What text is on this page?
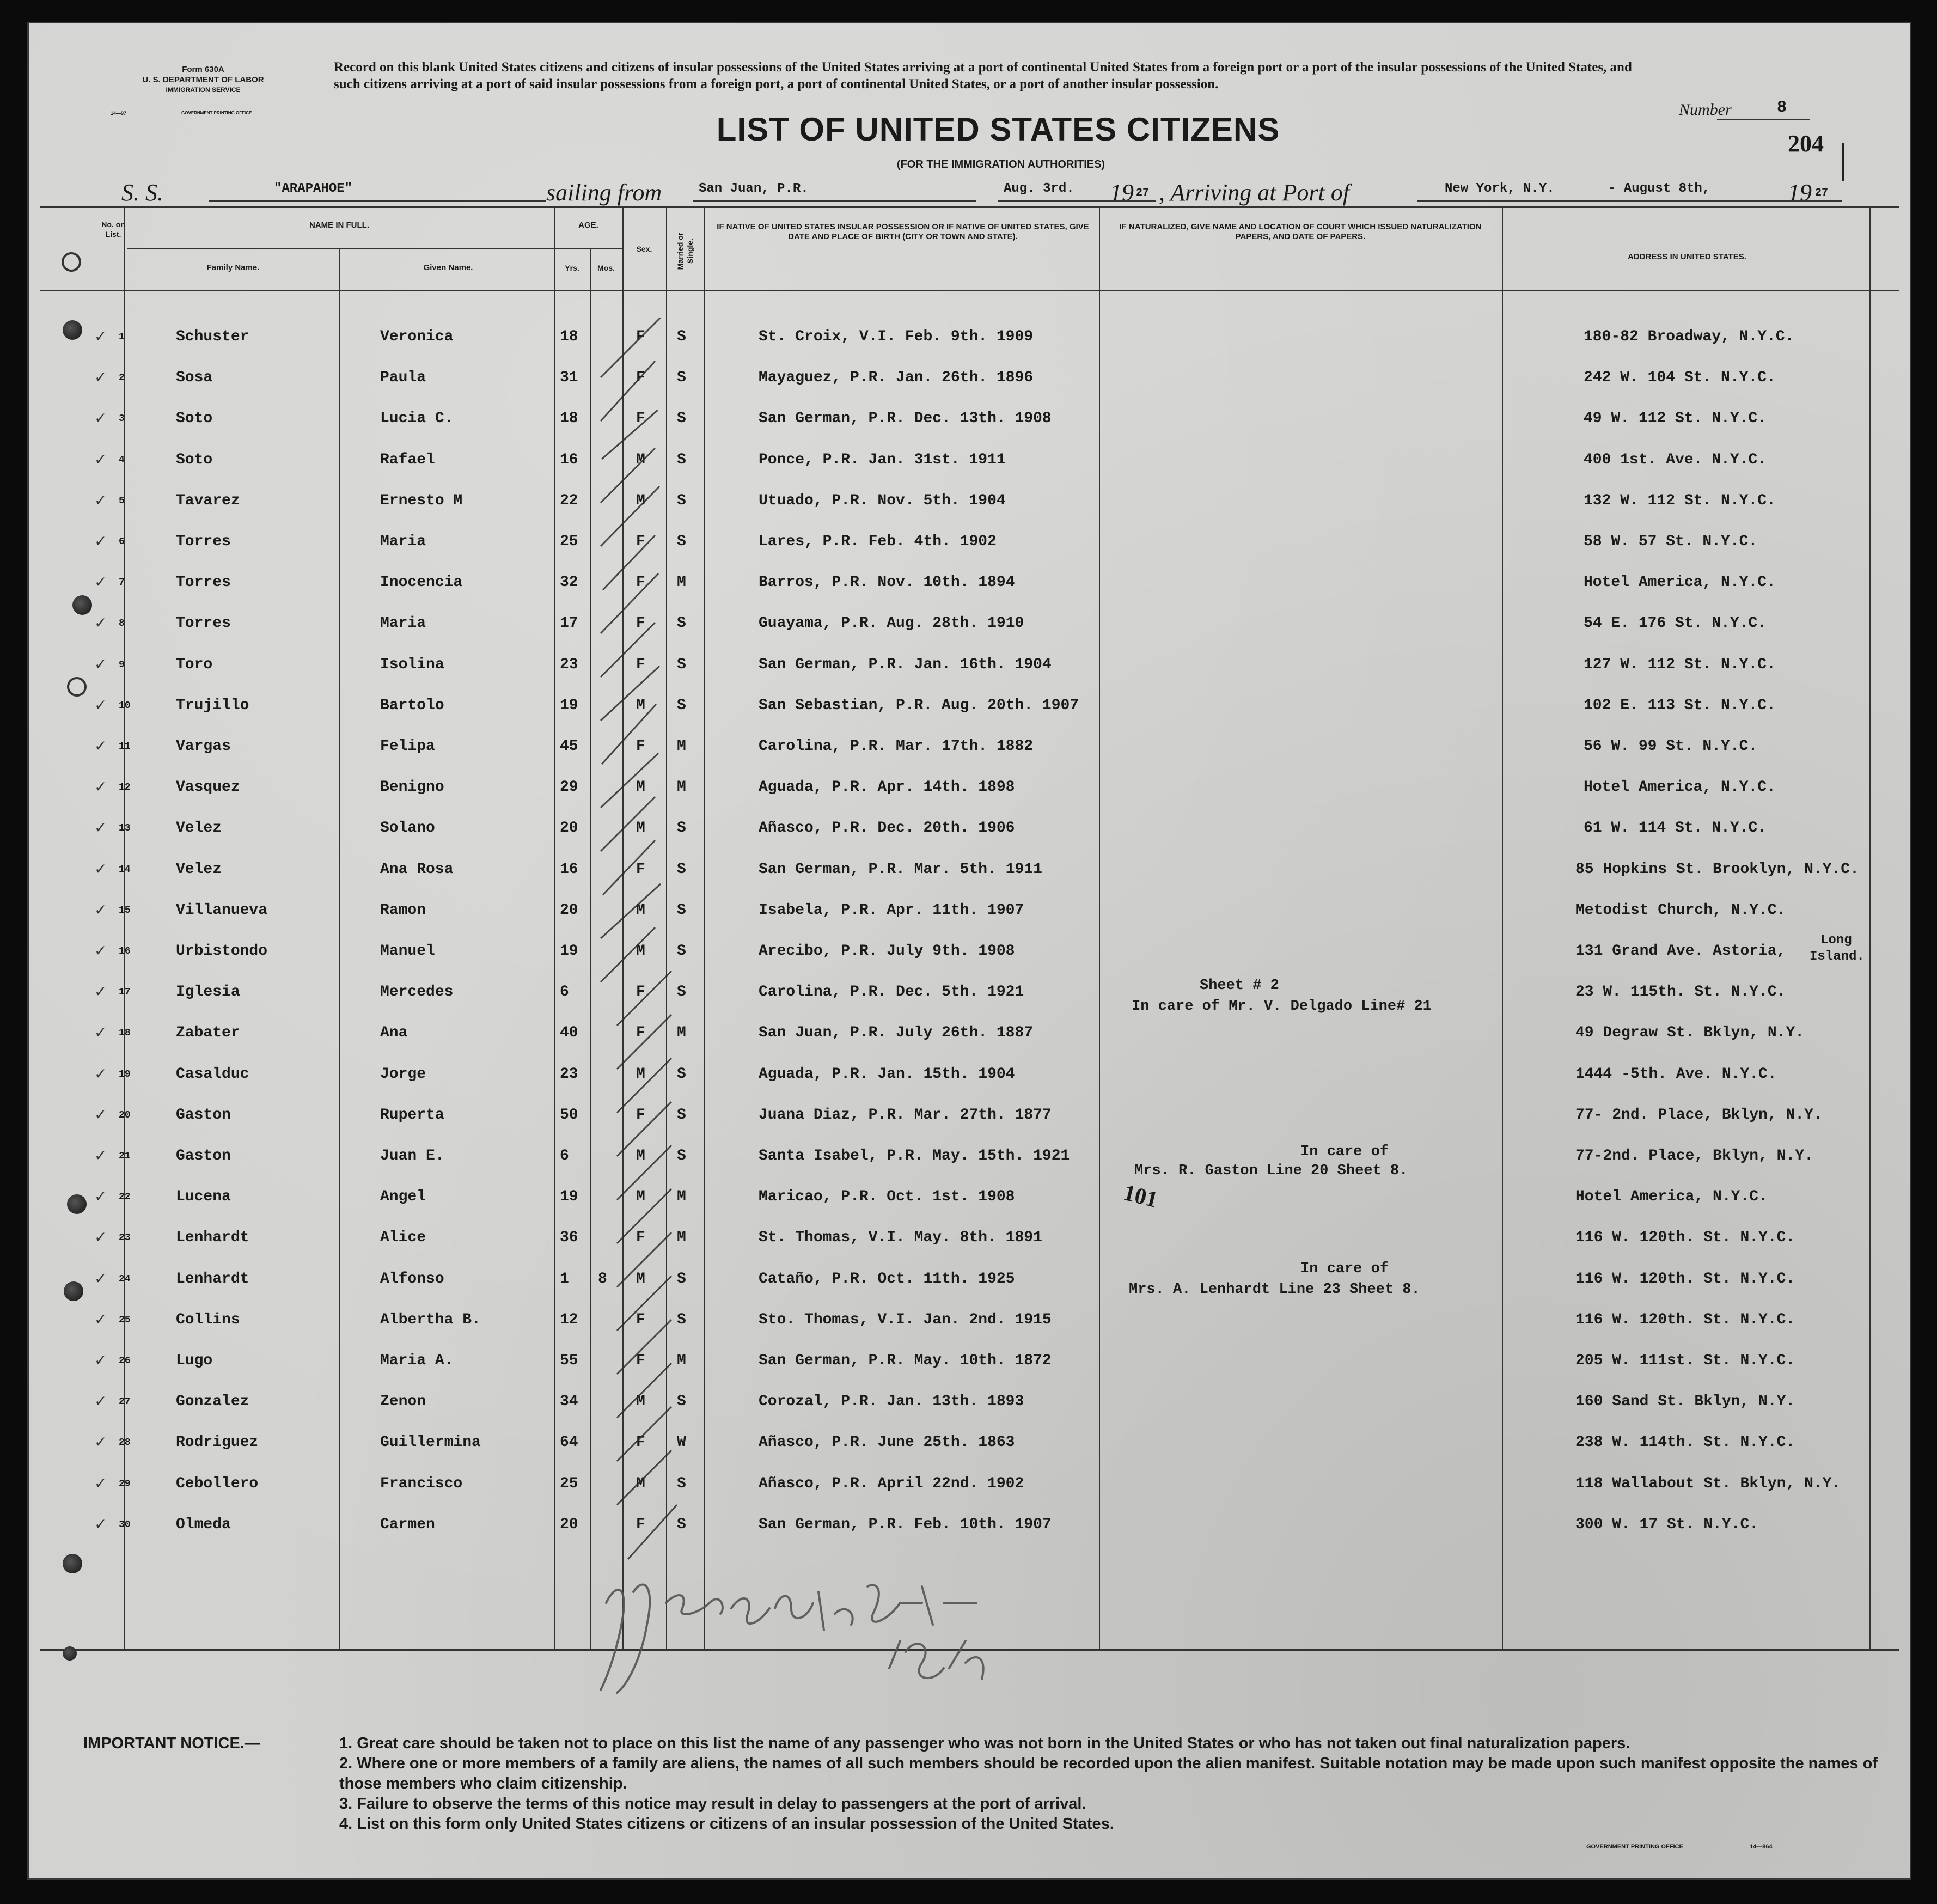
Form 630A
U. S. DEPARTMENT OF LABOR
IMMIGRATION SERVICE
14—97	GOVERNMENT PRINTING OFFICE
Record on this blank United States citizens and citizens of insular possessions of the United States arriving at a port of continental United States from a foreign port or a port of the insular possessions of the United States, and such citizens arriving at a port of said insular possessions from a foreign port, a port of continental United States, or a port of another insular possession.
Number	8
204
LIST OF UNITED STATES CITIZENS
(FOR THE IMMIGRATION AUTHORITIES)
S. S.	"ARAPAHOE"	sailing from	San Juan, P.R.	Aug. 3rd. 19 27 , Arriving at Port of	New York, N.Y.	- August 8th,	19 27
No. on List.
NAME IN FULL.
Family Name.	Given Name.
AGE.
Yrs.	Mos.
Sex.	Married or Single.
IF NATIVE OF UNITED STATES INSULAR POSSESSION OR IF NATIVE OF UNITED STATES, GIVE DATE AND PLACE OF BIRTH (CITY OR TOWN AND STATE).
IF NATURALIZED, GIVE NAME AND LOCATION OF COURT WHICH ISSUED NATURALIZATION PAPERS, AND DATE OF PAPERS.
ADDRESS IN UNITED STATES.
1	Schuster	Veronica	18	F S	St. Croix, V.I. Feb. 9th. 1909	180-82 Broadway, N.Y.C.
✓
2	Sosa	Paula	31	F S	Mayaguez, P.R. Jan. 26th. 1896	242 W. 104 St. N.Y.C.
✓
3	Soto	Lucia C.	18	F S	San German, P.R. Dec. 13th. 1908	49 W. 112 St. N.Y.C.
✓
4	Soto	Rafael	16	M S	Ponce, P.R. Jan. 31st. 1911	400 1st. Ave. N.Y.C.
✓
5	Tavarez	Ernesto M	22	M S	Utuado, P.R. Nov. 5th. 1904	132 W. 112 St. N.Y.C.
✓
6	Torres	Maria	25	F S	Lares, P.R. Feb. 4th. 1902	58 W. 57 St. N.Y.C.
✓
7	Torres	Inocencia	32	F M	Barros, P.R. Nov. 10th. 1894	Hotel America, N.Y.C.
✓
8	Torres	Maria	17	F S	Guayama, P.R. Aug. 28th. 1910	54 E. 176 St. N.Y.C.
✓
9	Toro	Isolina	23	F S	San German, P.R. Jan. 16th. 1904	127 W. 112 St. N.Y.C.
✓
10	Trujillo	Bartolo	19	M S	San Sebastian, P.R. Aug. 20th. 1907	102 E. 113 St. N.Y.C.
✓
11	Vargas	Felipa	45	F M	Carolina, P.R. Mar. 17th. 1882	56 W. 99 St. N.Y.C.
✓
12	Vasquez	Benigno	29	M M	Aguada, P.R. Apr. 14th. 1898	Hotel America, N.Y.C.
✓
13	Velez	Solano	20	M S	Añasco, P.R. Dec. 20th. 1906	61 W. 114 St. N.Y.C.
✓
14	Velez	Ana Rosa	16	F S	San German, P.R. Mar. 5th. 1911	85 Hopkins St. Brooklyn, N.Y.C.
✓
15	Villanueva	Ramon	20	M S	Isabela, P.R. Apr. 11th. 1907	Metodist Church, N.Y.C.
✓
16	Urbistondo	Manuel	19	M S	Arecibo, P.R. July 9th. 1908	131 Grand Ave. Astoria,
✓
17	Iglesia	Mercedes	6	F S	Carolina, P.R. Dec. 5th. 1921	23 W. 115th. St. N.Y.C.
✓
18	Zabater	Ana	40	F M	San Juan, P.R. July 26th. 1887	49 Degraw St. Bklyn, N.Y.
✓
19	Casalduc	Jorge	23	M S	Aguada, P.R. Jan. 15th. 1904	1444 -5th. Ave. N.Y.C.
✓
20	Gaston	Ruperta	50	F S	Juana Diaz, P.R. Mar. 27th. 1877	77- 2nd. Place, Bklyn, N.Y.
✓
21	Gaston	Juan E.	6	M S	Santa Isabel, P.R. May. 15th. 1921	77-2nd. Place, Bklyn, N.Y.
✓
22	Lucena	Angel	19	M M	Maricao, P.R. Oct. 1st. 1908	Hotel America, N.Y.C.
✓
23	Lenhardt	Alice	36	F M	St. Thomas, V.I. May. 8th. 1891	116 W. 120th. St. N.Y.C.
✓
24	Lenhardt	Alfonso	1 8 M S	Cataño, P.R. Oct. 11th. 1925	116 W. 120th. St. N.Y.C.
✓
25	Collins	Albertha B.	12	F S	Sto. Thomas, V.I. Jan. 2nd. 1915	116 W. 120th. St. N.Y.C.
✓
26	Lugo	Maria A.	55	F M	San German, P.R. May. 10th. 1872	205 W. 111st. St. N.Y.C.
✓
27	Gonzalez	Zenon	34	M S	Corozal, P.R. Jan. 13th. 1893	160 Sand St. Bklyn, N.Y.
✓
28	Rodriguez	Guillermina	64	F W	Añasco, P.R. June 25th. 1863	238 W. 114th. St. N.Y.C.
✓
29	Cebollero	Francisco	25	M S	Añasco, P.R. April 22nd. 1902	118 Wallabout St. Bklyn, N.Y.
✓
30	Olmeda	Carmen	20	F S	San German, P.R. Feb. 10th. 1907	300 W. 17 St. N.Y.C.
✓
Long
Island.
Sheet # 2
In care of Mr. V. Delgado Line# 21
In care of
Mrs. R. Gaston Line 20 Sheet 8.
101
In care of
Mrs. A. Lenhardt Line 23 Sheet 8.
IMPORTANT NOTICE.—	1. Great care should be taken not to place on this list the name of any passenger who was not born in the United States or who has not taken out final naturalization papers.
2. Where one or more members of a family are aliens, the names of all such members should be recorded upon the alien manifest. Suitable notation may be made upon such manifest opposite the names of those members who claim citizenship.
3. Failure to observe the terms of this notice may result in delay to passengers at the port of arrival.
4. List on this form only United States citizens or citizens of an insular possession of the United States.
GOVERNMENT PRINTING OFFICE	14—864
